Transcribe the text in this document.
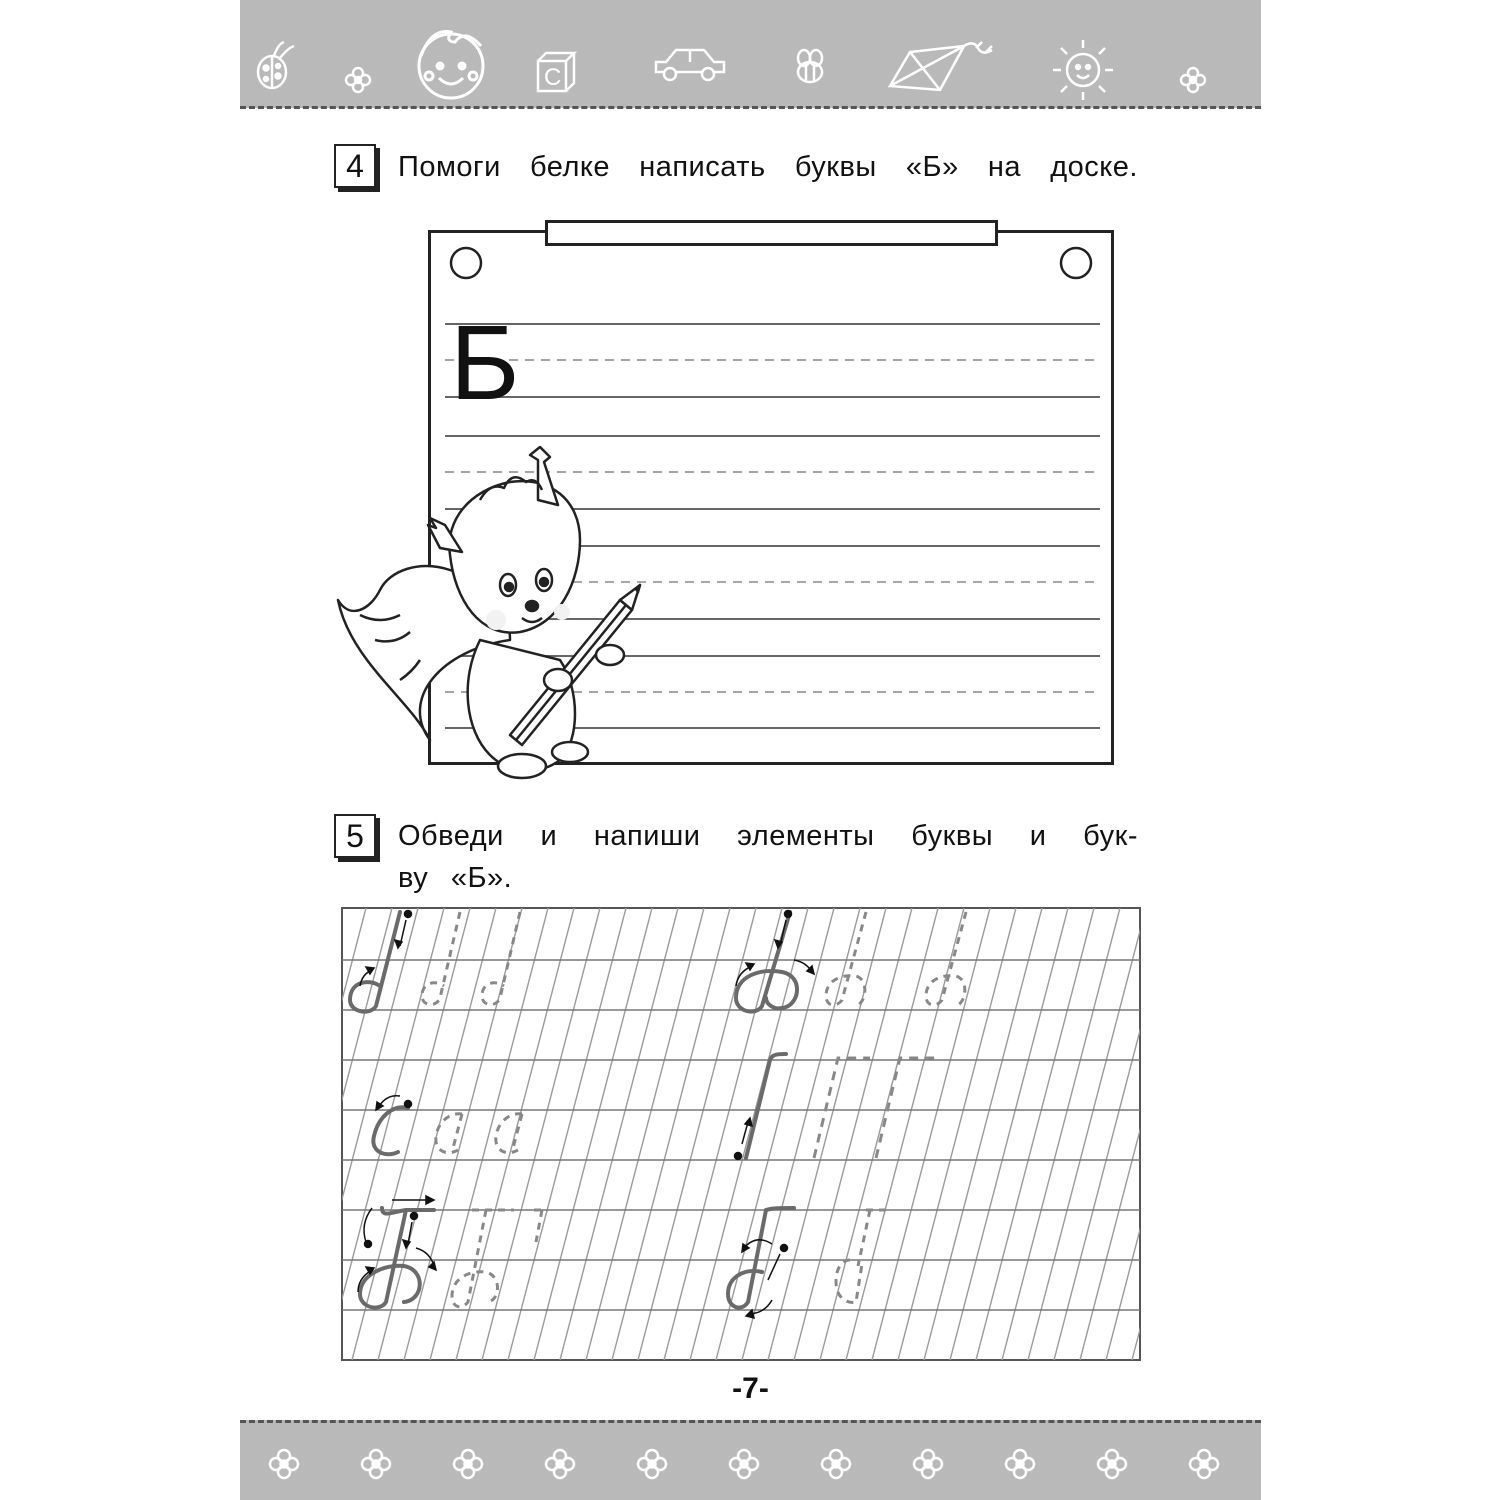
C
4	Помоги белке написать буквы «Б» на доске.
Б
5	Обведи и напиши элементы буквы и бук-
ву «Б».
-7-
